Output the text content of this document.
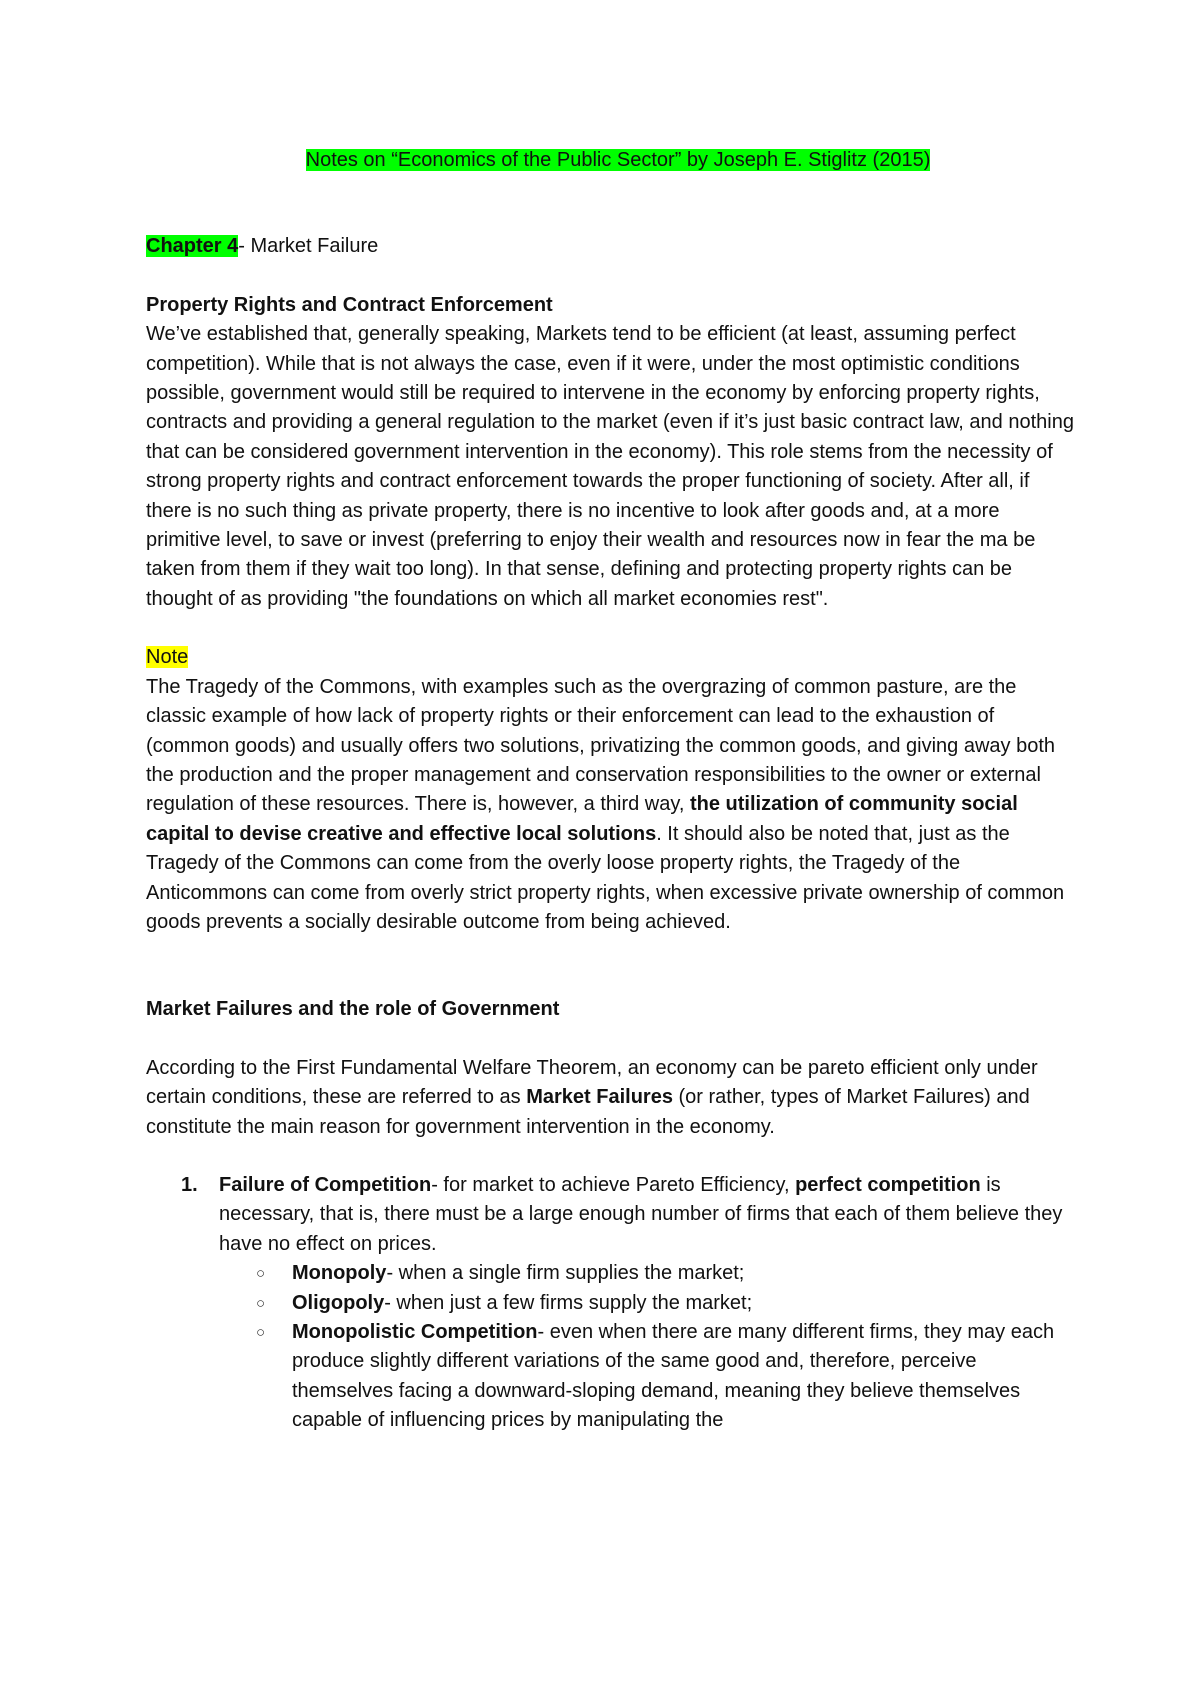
Notes on “Economics of the Public Sector” by Joseph E. Stiglitz (2015)

Chapter 4- Market Failure

Property Rights and Contract Enforcement

We’ve established that, generally speaking, Markets tend to be efficient (at least, assuming perfect competition). While that is not always the case, even if it were, under the most optimistic conditions possible, government would still be required to intervene in the economy by enforcing property rights, contracts and providing a general regulation to the market (even if it’s just basic contract law, and nothing that can be considered government intervention in the economy). This role stems from the necessity of strong property rights and contract enforcement towards the proper functioning of society. After all, if there is no such thing as private property, there is no incentive to look after goods and, at a more primitive level, to save or invest (preferring to enjoy their wealth and resources now in fear the ma be taken from them if they wait too long). In that sense, defining and protecting property rights can be thought of as providing "the foundations on which all market economies rest".

Note

The Tragedy of the Commons, with examples such as the overgrazing of common pasture, are the classic example of how lack of property rights or their enforcement can lead to the exhaustion of (common goods) and usually offers two solutions, privatizing the common goods, and giving away both the production and the proper management and conservation responsibilities to the owner or external regulation of these resources. There is, however, a third way, the utilization of community social capital to devise creative and effective local solutions. It should also be noted that, just as the Tragedy of the Commons can come from the overly loose property rights, the Tragedy of the Anticommons can come from overly strict property rights, when excessive private ownership of common goods prevents a socially desirable outcome from being achieved.

Market Failures and the role of Government

According to the First Fundamental Welfare Theorem, an economy can be pareto efficient only under certain conditions, these are referred to as Market Failures (or rather, types of Market Failures) and constitute the main reason for government intervention in the economy.

1. Failure of Competition- for market to achieve Pareto Efficiency, perfect competition is necessary, that is, there must be a large enough number of firms that each of them believe they have no effect on prices.
○ Monopoly- when a single firm supplies the market;
○ Oligopoly- when just a few firms supply the market;
○ Monopolistic Competition- even when there are many different firms, they may each produce slightly different variations of the same good and, therefore, perceive themselves facing a downward-sloping demand, meaning they believe themselves capable of influencing prices by manipulating the
